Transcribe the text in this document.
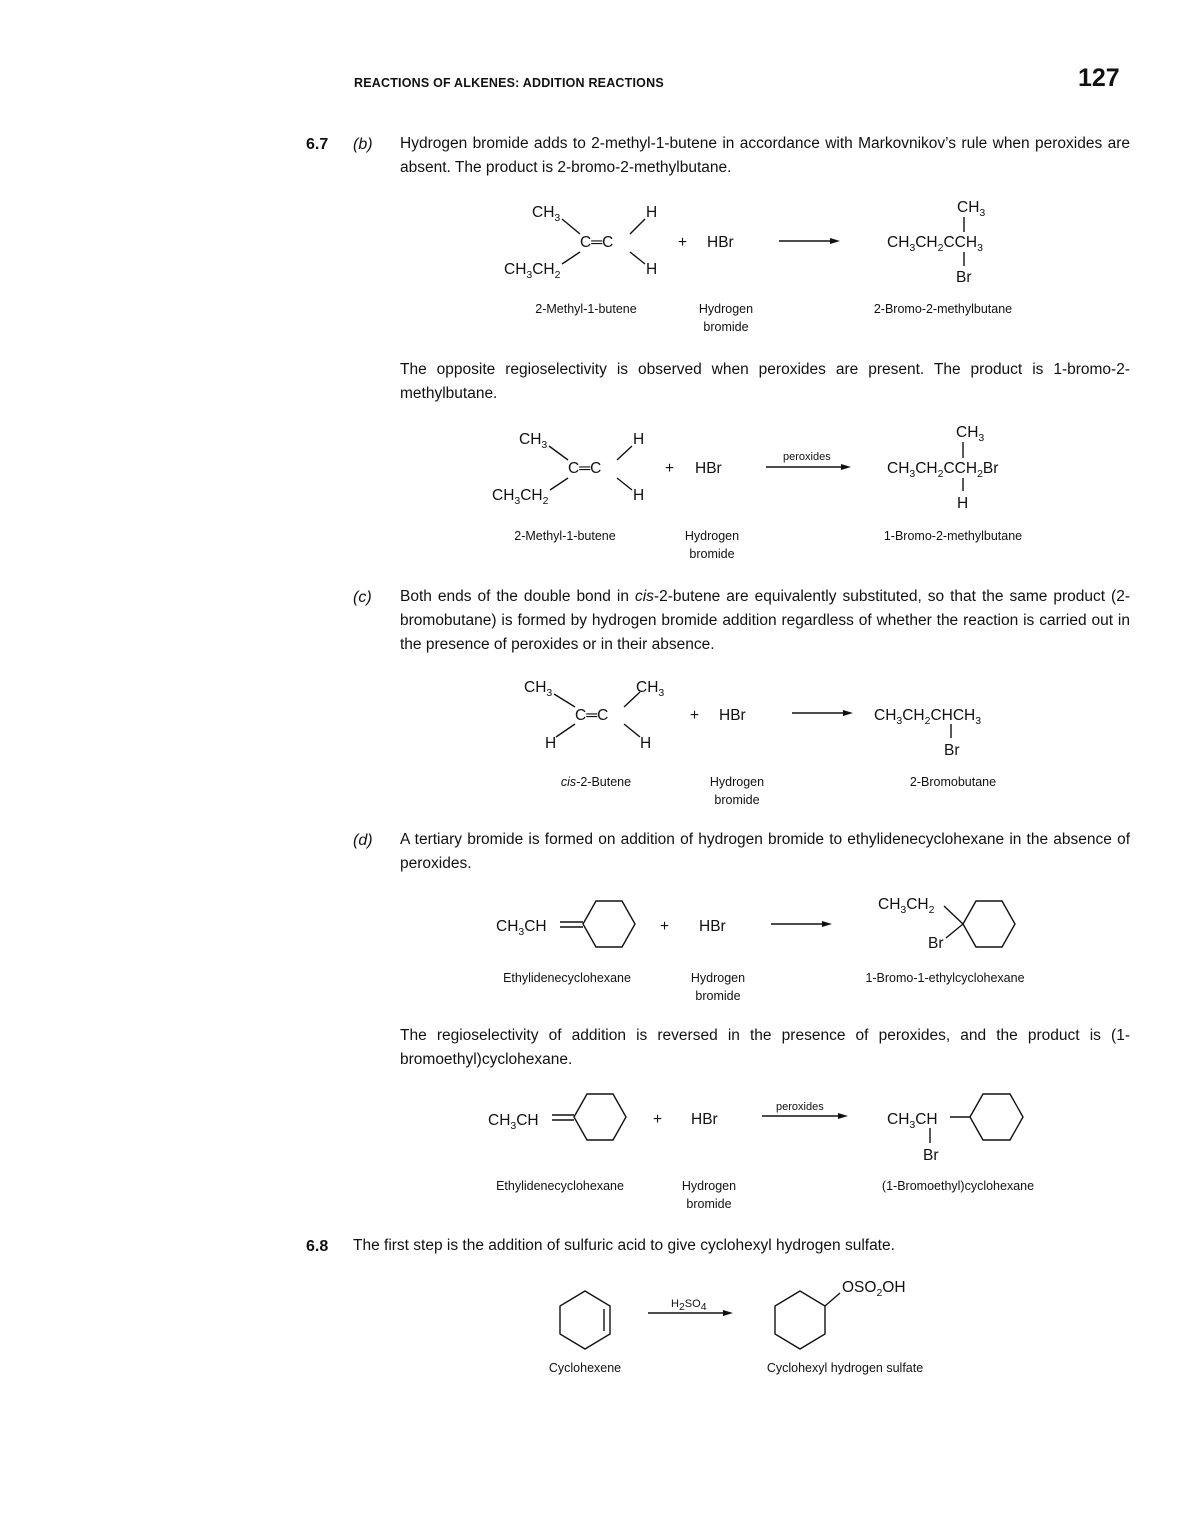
REACTIONS OF ALKENES: ADDITION REACTIONS	127
6.7 (b) Hydrogen bromide adds to 2-methyl-1-butene in accordance with Markovnikov’s rule when peroxides are absent. The product is 2-bromo-2-methylbutane.
$CH_3$
C═C
H
$CH_3CH_2$	H
+ HBr
$CH_3$
$CH_3CH_2CCH_3$
Br
2-Methyl-1-butene	Hydrogen bromide
2-Bromo-2-methylbutane
The opposite regioselectivity is observed when peroxides are present. The product is 1-bromo-2-methylbutane.
$CH_3$
C═C
H
$CH_3CH_2$	H
+ HBr
peroxides
$CH_3$
$CH_3CH_2CCH_2Br$
H
2-Methyl-1-butene	Hydrogen bromide
1-Bromo-2-methylbutane
(c) Both ends of the double bond in cis-2-butene are equivalently substituted, so that the same product (2-bromobutane) is formed by hydrogen bromide addition regardless of whether the reaction is carried out in the presence of peroxides or in their absence.
$CH_3$
C═C
$CH_3$
H	H
+ HBr	$CH_3CH_2CHCH_3$
Br
cis-2-Butene	Hydrogen bromide
2-Bromobutane
(d) A tertiary bromide is formed on addition of hydrogen bromide to ethylidenecyclohexane in the absence of peroxides.
$CH_3CH$	+ HBr
$CH_3CH_2$
Br
Ethylidenecyclohexane	Hydrogen bromide
1-Bromo-1-ethylcyclohexane
The regioselectivity of addition is reversed in the presence of peroxides, and the product is (1-bromoethyl)cyclohexane.
$CH_3CH$	+ HBr
peroxides
$CH_3CH$
Br
Ethylidenecyclohexane	Hydrogen bromide
(1-Bromoethyl)cyclohexane
6.8 The first step is the addition of sulfuric acid to give cyclohexyl hydrogen sulfate.
H2SO4
$OSO_2OH$
Cyclohexene	Cyclohexyl hydrogen sulfate
